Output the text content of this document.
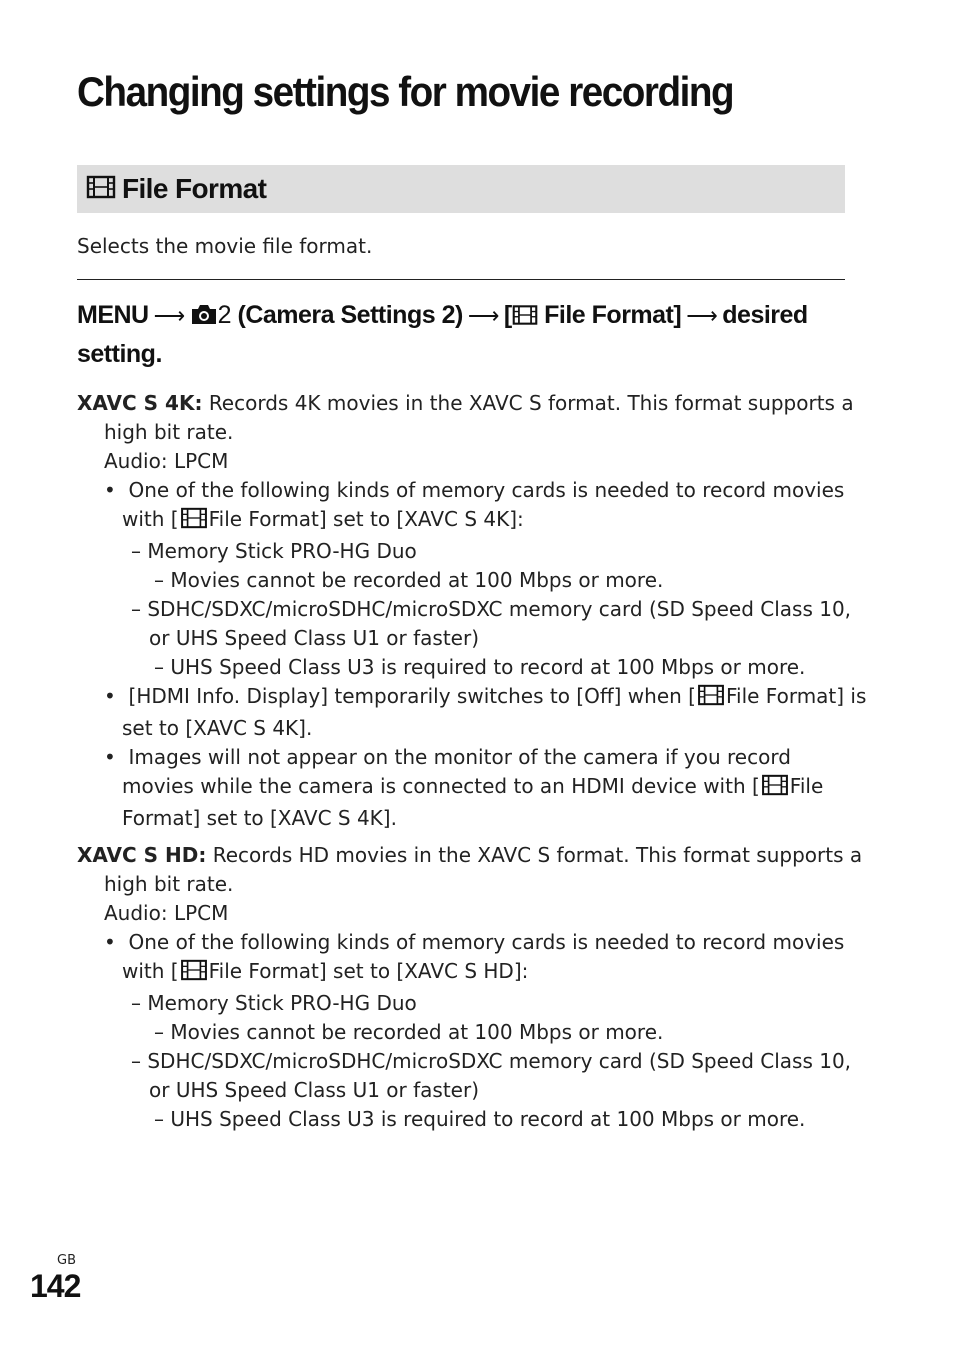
Changing settings for movie recording
File Format
Selects the movie file format.

MENU ⟶ 2 (Camera Settings 2) ⟶ [ File Format] ⟶ desired setting.

XAVC S 4K: Records 4K movies in the XAVC S format. This format supports a high bit rate.

Audio: LPCM

•  One of the following kinds of memory cards is needed to record movies with [ File Format] set to [XAVC S 4K]:

– Memory Stick PRO-HG Duo

– Movies cannot be recorded at 100 Mbps or more.

– SDHC/SDXC/microSDHC/microSDXC memory card (SD Speed Class 10, or UHS Speed Class U1 or faster)

– UHS Speed Class U3 is required to record at 100 Mbps or more.

•  [HDMI Info. Display] temporarily switches to [Off] when [ File Format] is set to [XAVC S 4K].

•  Images will not appear on the monitor of the camera if you record movies while the camera is connected to an HDMI device with [ File Format] set to [XAVC S 4K].

XAVC S HD: Records HD movies in the XAVC S format. This format supports a high bit rate.

Audio: LPCM

•  One of the following kinds of memory cards is needed to record movies with [ File Format] set to [XAVC S HD]:

– Memory Stick PRO-HG Duo

– Movies cannot be recorded at 100 Mbps or more.

– SDHC/SDXC/microSDHC/microSDXC memory card (SD Speed Class 10, or UHS Speed Class U1 or faster)

– UHS Speed Class U3 is required to record at 100 Mbps or more.

GB
142
